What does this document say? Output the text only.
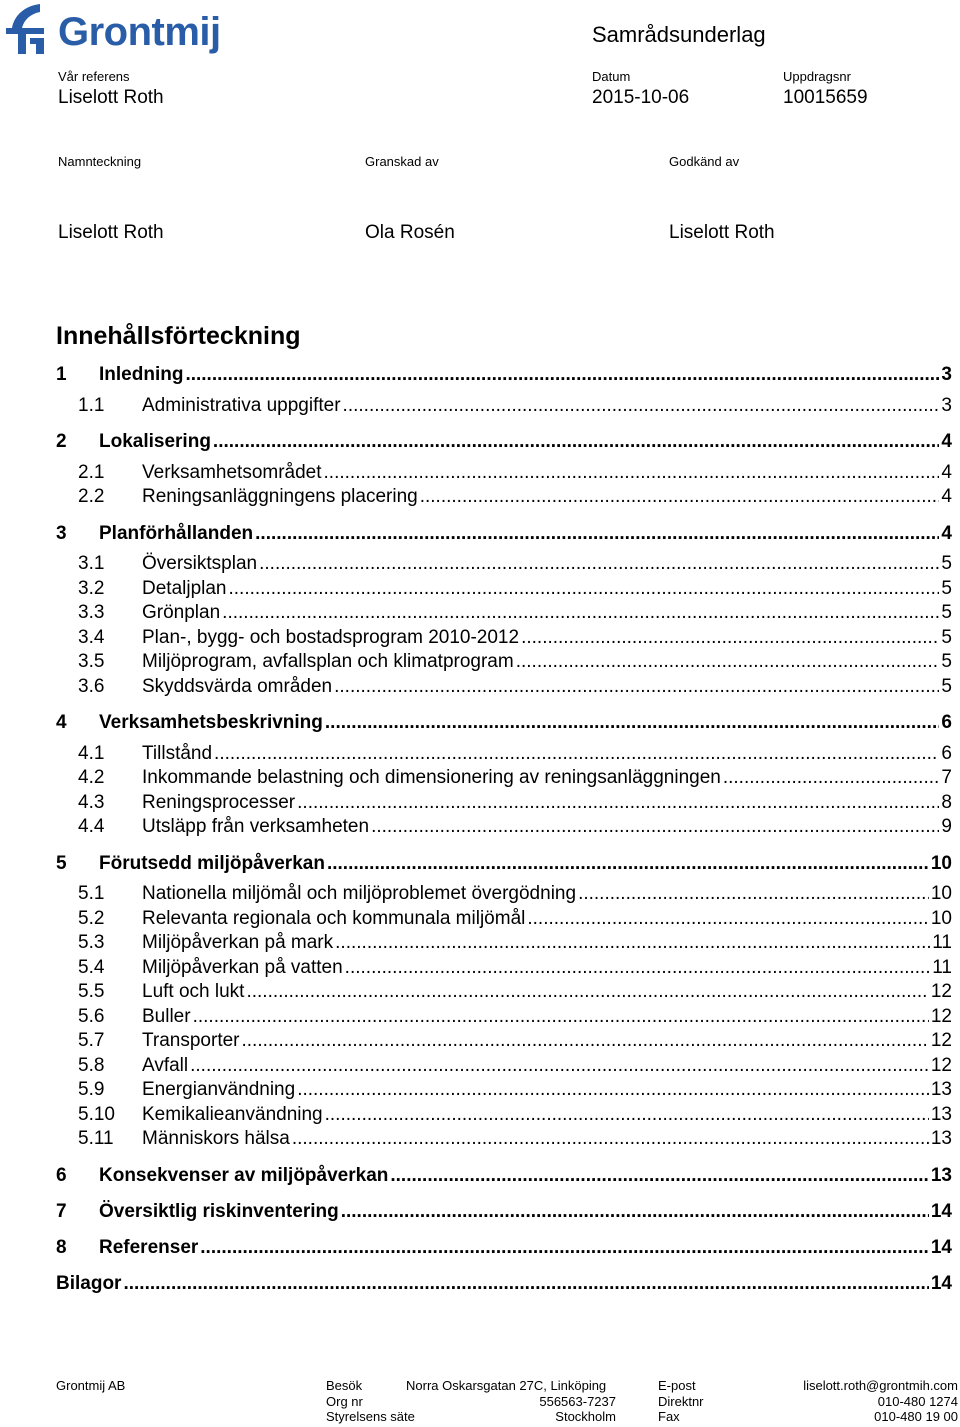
Grontmij	Samrådsunderlag
Vår referens	Datum	Uppdragsnr
Liselott Roth	2015-10-06	10015659
Namnteckning	Granskad av	Godkänd av
Liselott Roth	Ola Rosén	Liselott Roth
Innehållsförteckning
1	Inledning .....	3
1.1	Administrativa uppgifter .....	3
2	Lokalisering .....	4
2.1	Verksamhetsområdet .....	4
2.2	Reningsanläggningens placering .....	4
3	Planförhållanden .....	4
3.1	Översiktsplan .....	5
3.2	Detaljplan .....	5
3.3	Grönplan .....	5
3.4	Plan-, bygg- och bostadsprogram 2010-2012 .....	5
3.5	Miljöprogram, avfallsplan och klimatprogram .....	5
3.6	Skyddsvärda områden .....	5
4	Verksamhetsbeskrivning .....	6
4.1	Tillstånd .....	6
4.2	Inkommande belastning och dimensionering av reningsanläggningen .....	7
4.3	Reningsprocesser .....	8
4.4	Utsläpp från verksamheten .....	9
5	Förutsedd miljöpåverkan .....	10
5.1	Nationella miljömål och miljöproblemet övergödning .....	10
5.2	Relevanta regionala och kommunala miljömål .....	10
5.3	Miljöpåverkan på mark .....	11
5.4	Miljöpåverkan på vatten .....	11
5.5	Luft och lukt .....	12
5.6	Buller .....	12
5.7	Transporter .....	12
5.8	Avfall .....	12
5.9	Energianvändning .....	13
5.10	Kemikalieanvändning .....	13
5.11	Människors hälsa .....	13
6	Konsekvenser av miljöpåverkan .....	13
7	Översiktlig riskinventering .....	14
8	Referenser .....	14
Bilagor .....	14
Grontmij AB	Besök	Norra Oskarsgatan 27C, Linköping	E-post	liselott.roth@grontmih.com
Org nr	556563-7237	Direktnr	010-480 1274
Styrelsens säte	Stockholm	Fax	010-480 19 00
